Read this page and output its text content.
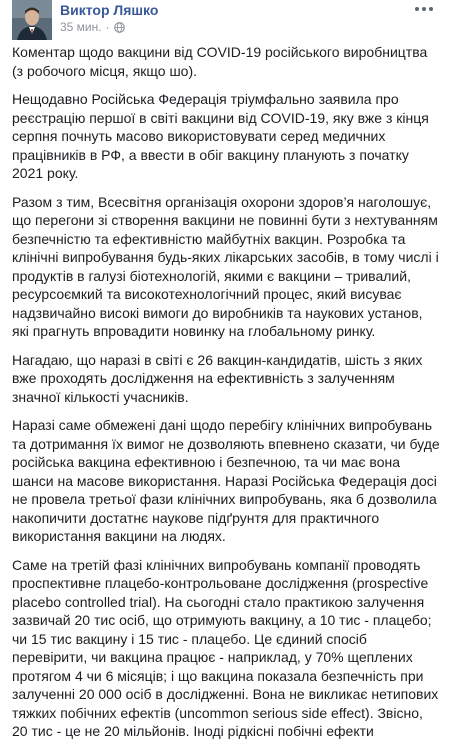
Виктор Ляшко
35 мин. ·

Коментар щодо вакцини від COVID-19 російського виробництва (з робочого місця, якщо шо).

Нещодавно Російська Федерація тріумфально заявила про реєстрацію першої в світі вакцини від COVID-19, яку вже з кінця серпня почнуть масово використовувати серед медичних працівників в РФ, а ввести в обіг вакцину планують з початку 2021 року.

Разом з тим, Всесвітня організація охорони здоров’я наголошує, що перегони зі створення вакцини не повинні бути з нехтуванням безпечністю та ефективністю майбутніх вакцин. Розробка та клінічні випробування будь-яких лікарських засобів, в тому числі і продуктів в галузі біотехнологій, якими є вакцини – тривалий, ресурсоємкий та високотехнологічний процес, який висуває надзвичайно високі вимоги до виробників та наукових установ, які прагнуть впровадити новинку на глобальному ринку.

Нагадаю, що наразі в світі є 26 вакцин-кандидатів, шість з яких вже проходять дослідження на ефективність з залученням значної кількості учасників.

Наразі саме обмежені дані щодо перебігу клінічних випробувань та дотримання їх вимог не дозволяють впевнено сказати, чи буде російська вакцина ефективною і безпечною, та чи має вона шанси на масове використання. Наразі Російська Федерація досі не провела третьої фази клінічних випробувань, яка б дозволила накопичити достатнє наукове підґрунтя для практичного використання вакцини на людях.

Саме на третій фазі клінічних випробувань компанії проводять проспективне плацебо-контрольоване дослідження (prospective placebo controlled trial). На сьогодні стало практикою залучення зазвичай 20 тис осіб, що отримують вакцину, а 10 тис - плацебо; чи 15 тис вакцину і 15 тис - плацебо. Це єдиний спосіб перевірити, чи вакцина працює - наприклад, у 70% щеплених протягом 4 чи 6 місяців; і що вакцина показала безпечність при залученні 20 000 осіб в дослідженні. Вона не викликає нетипових тяжких побічних ефектів (uncommon serious side effect). Звісно, 20 тис - це не 20 мільйонів. Іноді рідкісні побічні ефекти
